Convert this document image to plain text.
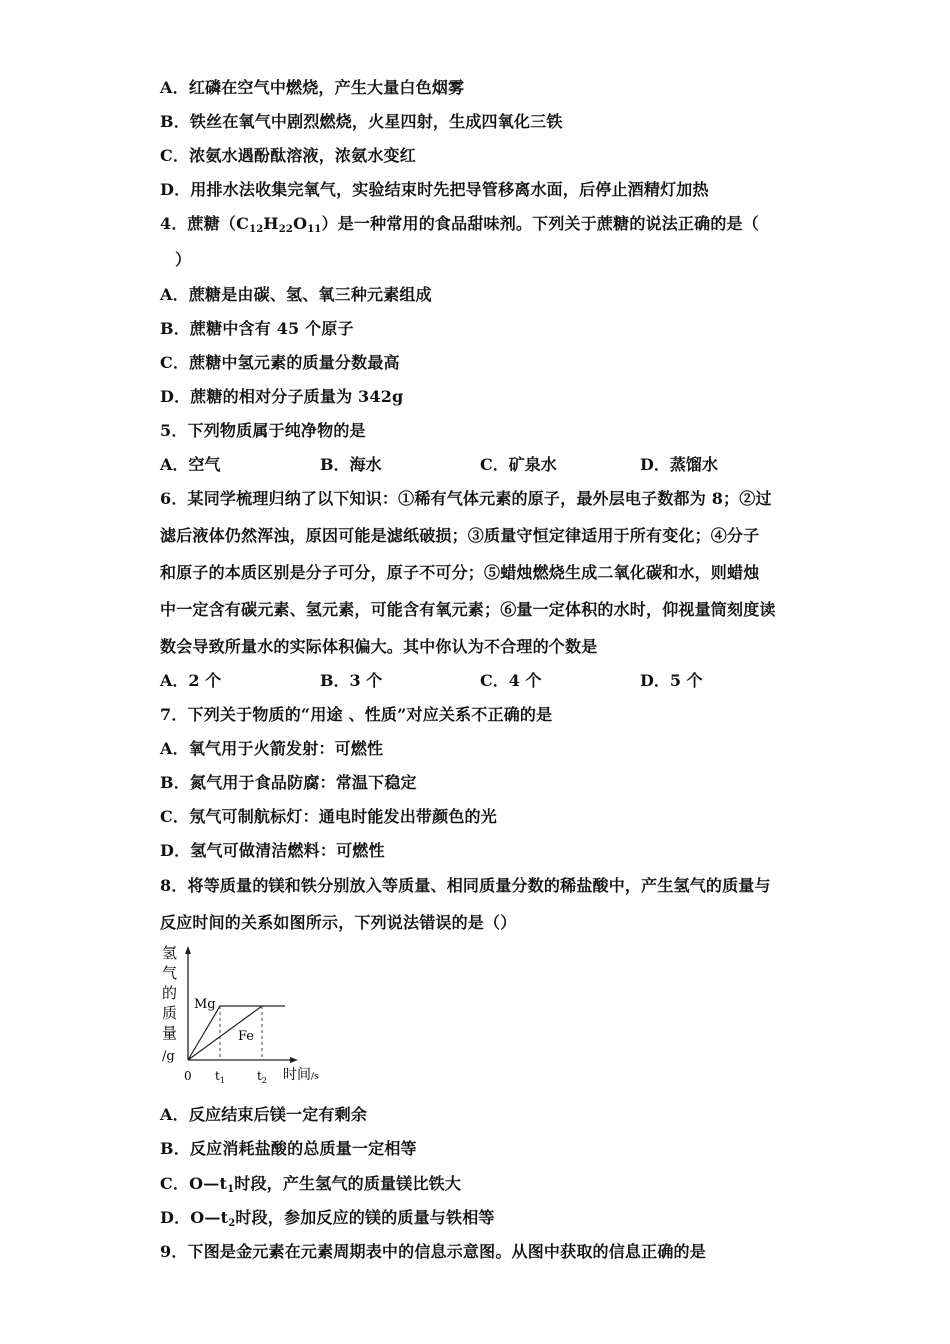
A．红磷在空气中燃烧，产生大量白色烟雾
B．铁丝在氧气中剧烈燃烧，火星四射，生成四氧化三铁
C．浓氨水遇酚酞溶液，浓氨水变红
D．用排水法收集完氧气，实验结束时先把导管移离水面，后停止酒精灯加热
4．蔗糖$(C_{12}H_{22}O_{11})$是一种常用的食品甜味剂。下列关于蔗糖的说法正确的是（
）
A．蔗糖是由碳、氢、氧三种元素组成
B．蔗糖中含有 45 个原子
C．蔗糖中氢元素的质量分数最高
D．蔗糖的相对分子质量为 342g
5．下列物质属于纯净物的是
A．空气	B．海水	C．矿泉水	D．蒸馏水
6．某同学梳理归纳了以下知识：①稀有气体元素的原子，最外层电子数都为 8；②过
滤后液体仍然浑浊，原因可能是滤纸破损；③质量守恒定律适用于所有变化；④分子
和原子的本质区别是分子可分，原子不可分；⑤蜡烛燃烧生成二氧化碳和水，则蜡烛
中一定含有碳元素、氢元素，可能含有氧元素；⑥量一定体积的水时，仰视量筒刻度读
数会导致所量水的实际体积偏大。其中你认为不合理的个数是
A．2 个	B．3 个	C．4 个	D．5 个
7．下列关于物质的“用途 、性质”对应关系不正确的是
A．氧气用于火箭发射：可燃性
B．氮气用于食品防腐：常温下稳定
C．氖气可制航标灯：通电时能发出带颜色的光
D．氢气可做清洁燃料：可燃性
8．将等质量的镁和铁分别放入等质量、相同质量分数的稀盐酸中，产生氢气的质量与
反应时间的关系如图所示，下列说法错误的是（）
氢
气
的
质
量
/g
Mg
Fe
0 $t_1$	$t_2$ 时间/s
A．反应结束后镁一定有剩余
B．反应消耗盐酸的总质量一定相等
C．$O—t_1$时段，产生氢气的质量镁比铁大
D．$O—t_2$时段，参加反应的镁的质量与铁相等
9．下图是金元素在元素周期表中的信息示意图。从图中获取的信息正确的是
